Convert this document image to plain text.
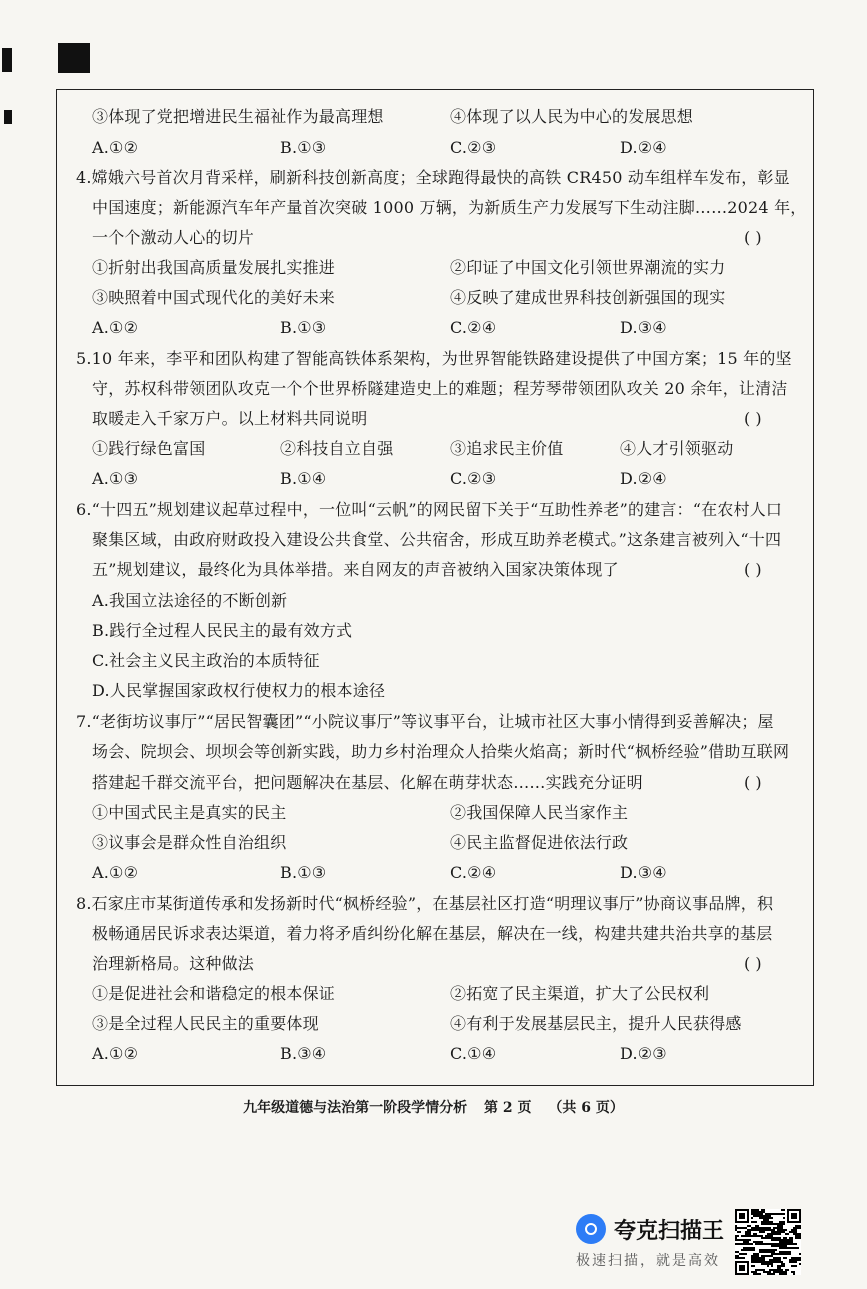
③体现了党把增进民生福祉作为最高理想	④体现了以人民为中心的发展思想
A.①②	B.①③	C.②③	D.②④
4.嫦娥六号首次月背采样，刷新科技创新高度；全球跑得最快的高铁 CR450 动车组样车发布，彰显
中国速度；新能源汽车年产量首次突破 1000 万辆，为新质生产力发展写下生动注脚……2024 年，
一个个激动人心的切片	( )
①折射出我国高质量发展扎实推进	②印证了中国文化引领世界潮流的实力
③映照着中国式现代化的美好未来	④反映了建成世界科技创新强国的现实
A.①②	B.①③	C.②④	D.③④
5.10 年来，李平和团队构建了智能高铁体系架构，为世界智能铁路建设提供了中国方案；15 年的坚
守，苏权科带领团队攻克一个个世界桥隧建造史上的难题；程芳琴带领团队攻关 20 余年，让清洁
取暖走入千家万户。以上材料共同说明	( )
①践行绿色富国	②科技自立自强	③追求民主价值	④人才引领驱动
A.①③	B.①④	C.②③	D.②④
6.“十四五”规划建议起草过程中，一位叫“云帆”的网民留下关于“互助性养老”的建言：“在农村人口
聚集区域，由政府财政投入建设公共食堂、公共宿舍，形成互助养老模式。”这条建言被列入“十四
五”规划建议，最终化为具体举措。来自网友的声音被纳入国家决策体现了	( )
A.我国立法途径的不断创新
B.践行全过程人民民主的最有效方式
C.社会主义民主政治的本质特征
D.人民掌握国家政权行使权力的根本途径
7.“老街坊议事厅”“居民智囊团”“小院议事厅”等议事平台，让城市社区大事小情得到妥善解决；屋
场会、院坝会、坝坝会等创新实践，助力乡村治理众人拾柴火焰高；新时代“枫桥经验”借助互联网
搭建起千群交流平台，把问题解决在基层、化解在萌芽状态……实践充分证明	( )
①中国式民主是真实的民主	②我国保障人民当家作主
③议事会是群众性自治组织	④民主监督促进依法行政
A.①②	B.①③	C.②④	D.③④
8.石家庄市某街道传承和发扬新时代“枫桥经验”，在基层社区打造“明理议事厅”协商议事品牌，积
极畅通居民诉求表达渠道，着力将矛盾纠纷化解在基层，解决在一线，构建共建共治共享的基层
治理新格局。这种做法	( )
①是促进社会和谐稳定的根本保证	②拓宽了民主渠道，扩大了公民权利
③是全过程人民民主的重要体现	④有利于发展基层民主，提升人民获得感
A.①②	B.③④	C.①④	D.②③
九年级道德与法治第一阶段学情分析 第 2 页 （共 6 页）
夸克扫描王
极速扫描，就是高效
